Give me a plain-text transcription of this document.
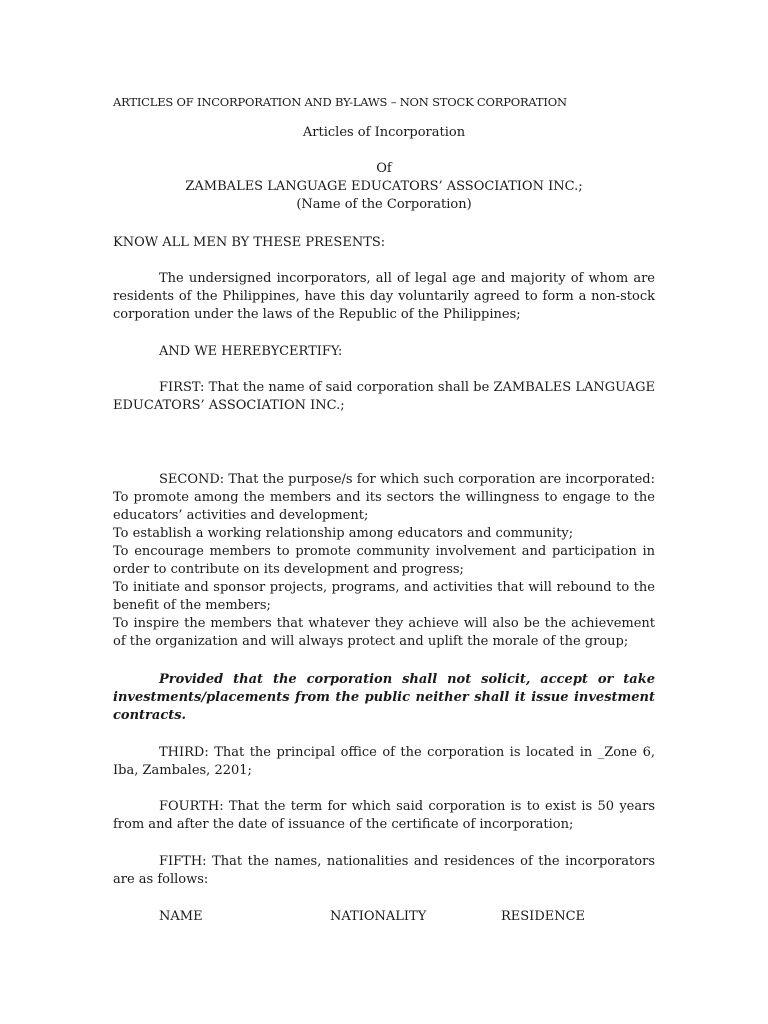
ARTICLES OF INCORPORATION AND BY-LAWS – NON STOCK CORPORATION
Articles of Incorporation
Of
ZAMBALES LANGUAGE EDUCATORS’ ASSOCIATION INC.;
(Name of the Corporation)
KNOW ALL MEN BY THESE PRESENTS:
The undersigned incorporators, all of legal age and majority of whom are residents of the Philippines, have this day voluntarily agreed to form a non-stock corporation under the laws of the Republic of the Philippines;
AND WE HEREBYCERTIFY:
FIRST: That the name of said corporation shall be ZAMBALES LANGUAGE EDUCATORS’ ASSOCIATION INC.;
SECOND: That the purpose/s for which such corporation are incorporated: To promote among the members and its sectors the willingness to engage to the educators’ activities and development;
To establish a working relationship among educators and community;
To encourage members to promote community involvement and participation in order to contribute on its development and progress;
To initiate and sponsor projects, programs, and activities that will rebound to the benefit of the members;
To inspire the members that whatever they achieve will also be the achievement of the organization and will always protect and uplift the morale of the group;
Provided that the corporation shall not solicit, accept or take investments/placements from the public neither shall it issue investment contracts.
THIRD: That the principal office of the corporation is located in _Zone 6, Iba, Zambales, 2201;
FOURTH: That the term for which said corporation is to exist is 50 years from and after the date of issuance of the certificate of incorporation;
FIFTH: That the names, nationalities and residences of the incorporators are as follows:
NAME	NATIONALITY	RESIDENCE
